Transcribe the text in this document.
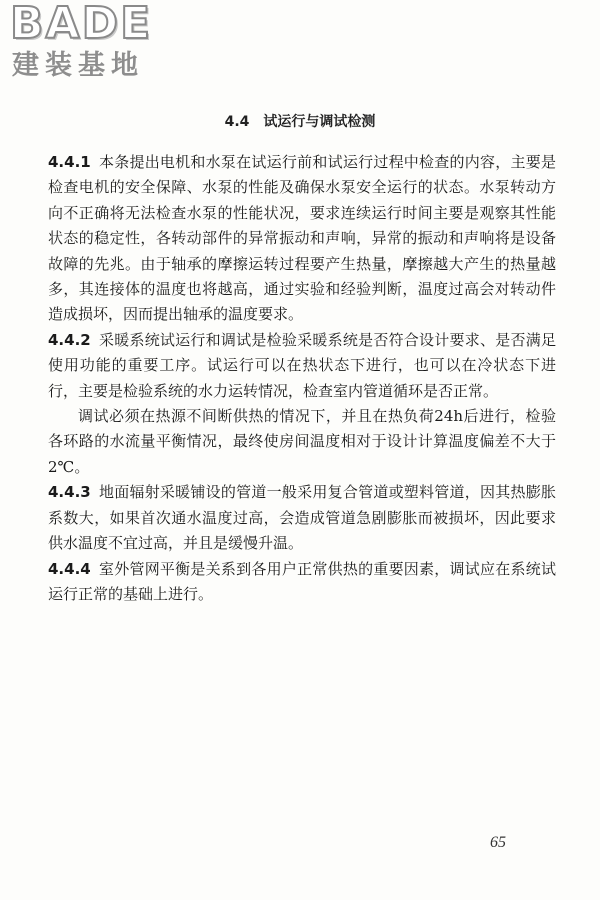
BADE
建装基地
4.4 试运行与调试检测

4.4.1 本条提出电机和水泵在试运行前和试运行过程中检查的内容，主要是检查电机的安全保障、水泵的性能及确保水泵安全运行的状态。水泵转动方向不正确将无法检查水泵的性能状况，要求连续运行时间主要是观察其性能状态的稳定性，各转动部件的异常振动和声响，异常的振动和声响将是设备故障的先兆。由于轴承的摩擦运转过程要产生热量，摩擦越大产生的热量越多，其连接体的温度也将越高，通过实验和经验判断，温度过高会对转动件造成损坏，因而提出轴承的温度要求。

4.4.2 采暖系统试运行和调试是检验采暖系统是否符合设计要求、是否满足使用功能的重要工序。试运行可以在热状态下进行，也可以在冷状态下进行，主要是检验系统的水力运转情况，检查室内管道循环是否正常。

调试必须在热源不间断供热的情况下，并且在热负荷24h后进行，检验各环路的水流量平衡情况，最终使房间温度相对于设计计算温度偏差不大于2℃。

4.4.3 地面辐射采暖铺设的管道一般采用复合管道或塑料管道，因其热膨胀系数大，如果首次通水温度过高，会造成管道急剧膨胀而被损坏，因此要求供水温度不宜过高，并且是缓慢升温。

4.4.4 室外管网平衡是关系到各用户正常供热的重要因素，调试应在系统试运行正常的基础上进行。

65
